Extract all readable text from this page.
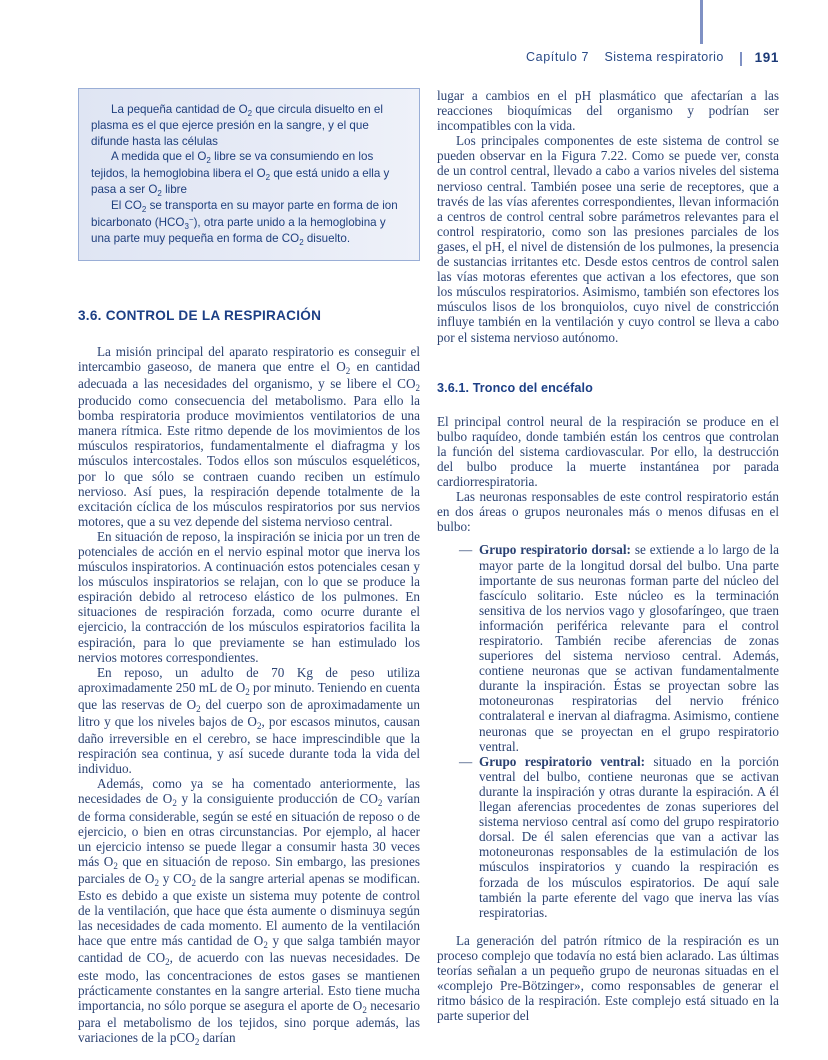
Capítulo 7 Sistema respiratorio 191

La pequeña cantidad de $O_2$ que circula disuelto en el plasma es el que ejerce presión en la sangre, y el que difunde hasta las células

A medida que el $O_2$ libre se va consumiendo en los tejidos, la hemoglobina libera el $O_2$ que está unido a ella y pasa a ser $O_2$ libre

El $CO_2$ se transporta en su mayor parte en forma de ion bicarbonato $(HCO_3^-)$, otra parte unido a la hemoglobina y una parte muy pequeña en forma de $CO_2$ disuelto.

3.6. CONTROL DE LA RESPIRACIÓN

La misión principal del aparato respiratorio es conseguir el intercambio gaseoso, de manera que entre el $O_2$ en cantidad adecuada a las necesidades del organismo, y se libere el $CO_2$ producido como consecuencia del metabolismo. Para ello la bomba respiratoria produce movimientos ventilatorios de una manera rítmica. Este ritmo depende de los movimientos de los músculos respiratorios, fundamentalmente el diafragma y los músculos intercostales. Todos ellos son músculos esqueléticos, por lo que sólo se contraen cuando reciben un estímulo nervioso. Así pues, la respiración depende totalmente de la excitación cíclica de los músculos respiratorios por sus nervios motores, que a su vez depende del sistema nervioso central.

En situación de reposo, la inspiración se inicia por un tren de potenciales de acción en el nervio espinal motor que inerva los músculos inspiratorios. A continuación estos potenciales cesan y los músculos inspiratorios se relajan, con lo que se produce la espiración debido al retroceso elástico de los pulmones. En situaciones de respiración forzada, como ocurre durante el ejercicio, la contracción de los músculos espiratorios facilita la espiración, para lo que previamente se han estimulado los nervios motores correspondientes.

En reposo, un adulto de 70 Kg de peso utiliza aproximadamente 250 mL de $O_2$ por minuto. Teniendo en cuenta que las reservas de $O_2$ del cuerpo son de aproximadamente un litro y que los niveles bajos de $O_2$, por escasos minutos, causan daño irreversible en el cerebro, se hace imprescindible que la respiración sea continua, y así sucede durante toda la vida del individuo.

Además, como ya se ha comentado anteriormente, las necesidades de $O_2$ y la consiguiente producción de $CO_2$ varían de forma considerable, según se esté en situación de reposo o de ejercicio, o bien en otras circunstancias. Por ejemplo, al hacer un ejercicio intenso se puede llegar a consumir hasta 30 veces más $O_2$ que en situación de reposo. Sin embargo, las presiones parciales de $O_2$ y $CO_2$ de la sangre arterial apenas se modifican. Esto es debido a que existe un sistema muy potente de control de la ventilación, que hace que ésta aumente o disminuya según las necesidades de cada momento. El aumento de la ventilación hace que entre más cantidad de $O_2$ y que salga también mayor cantidad de $CO_2$, de acuerdo con las nuevas necesidades. De este modo, las concentraciones de estos gases se mantienen prácticamente constantes en la sangre arterial. Esto tiene mucha importancia, no sólo porque se asegura el aporte de $O_2$ necesario para el metabolismo de los tejidos, sino porque además, las variaciones de la pCO$_2$ darían

lugar a cambios en el pH plasmático que afectarían a las reacciones bioquímicas del organismo y podrían ser incompatibles con la vida.

Los principales componentes de este sistema de control se pueden observar en la Figura 7.22. Como se puede ver, consta de un control central, llevado a cabo a varios niveles del sistema nervioso central. También posee una serie de receptores, que a través de las vías aferentes correspondientes, llevan información a centros de control central sobre parámetros relevantes para el control respiratorio, como son las presiones parciales de los gases, el pH, el nivel de distensión de los pulmones, la presencia de sustancias irritantes etc. Desde estos centros de control salen las vías motoras eferentes que activan a los efectores, que son los músculos respiratorios. Asimismo, también son efectores los músculos lisos de los bronquiolos, cuyo nivel de constricción influye también en la ventilación y cuyo control se lleva a cabo por el sistema nervioso autónomo.

3.6.1. Tronco del encéfalo

El principal control neural de la respiración se produce en el bulbo raquídeo, donde también están los centros que controlan la función del sistema cardiovascular. Por ello, la destrucción del bulbo produce la muerte instantánea por parada cardiorrespiratoria.

Las neuronas responsables de este control respiratorio están en dos áreas o grupos neuronales más o menos difusas en el bulbo:

— Grupo respiratorio dorsal: se extiende a lo largo de la mayor parte de la longitud dorsal del bulbo. Una parte importante de sus neuronas forman parte del núcleo del fascículo solitario. Este núcleo es la terminación sensitiva de los nervios vago y glosofaríngeo, que traen información periférica relevante para el control respiratorio. También recibe aferencias de zonas superiores del sistema nervioso central. Además, contiene neuronas que se activan fundamentalmente durante la inspiración. Éstas se proyectan sobre las motoneuronas respiratorias del nervio frénico contralateral e inervan al diafragma. Asimismo, contiene neuronas que se proyectan en el grupo respiratorio ventral.
— Grupo respiratorio ventral: situado en la porción ventral del bulbo, contiene neuronas que se activan durante la inspiración y otras durante la espiración. A él llegan aferencias procedentes de zonas superiores del sistema nervioso central así como del grupo respiratorio dorsal. De él salen eferencias que van a activar las motoneuronas responsables de la estimulación de los músculos inspiratorios y cuando la respiración es forzada de los músculos espiratorios. De aquí sale también la parte eferente del vago que inerva las vías respiratorias.

La generación del patrón rítmico de la respiración es un proceso complejo que todavía no está bien aclarado. Las últimas teorías señalan a un pequeño grupo de neuronas situadas en el «complejo Pre-Bötzinger», como responsables de generar el ritmo básico de la respiración. Este complejo está situado en la parte superior del
